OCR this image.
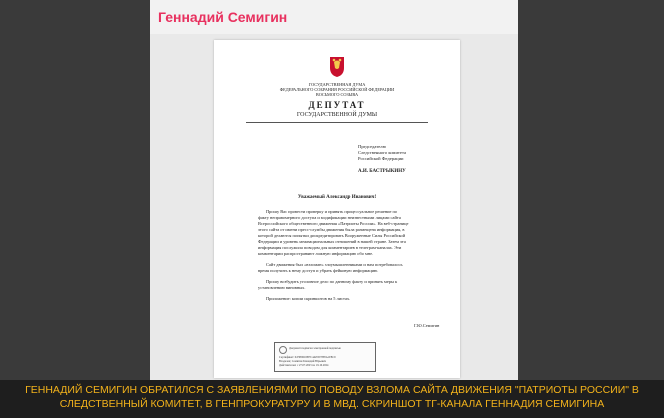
Геннадий Семигин
ГОСУДАРСТВЕННАЯ ДУМА
ФЕДЕРАЛЬНОГО СОБРАНИЯ РОССИЙСКОЙ ФЕДЕРАЦИИ
ВОСЬМОГО СОЗЫВА
ДЕПУТАТ
ГОСУДАРСТВЕННОЙ ДУМЫ
Председателю
Следственного комитета
Российской Федерации
А.И. БАСТРЫКИНУ
Уважаемый Александр Иванович!
Прошу Вас провести проверку и принять процессуальное решение по
факту неправомерного доступа и модификации неизвестными лицами сайта
Всероссийского общественного движения «Патриоты России». На веб-странице
этого сайта от имени пресс-службы движения была размещена информация, в
которой делаются попытки дискредитировать Вооруженные Силы Российской
Федерации и уровень межнациональных отношений в нашей стране. Затем эта
информация послужила поводом для комментариев в телеграм-каналах. Эти
комментарии распространяют ложную информацию обо мне.
Сайт движения был «взломан» злоумышленниками и нам потребовалось
время получить к нему доступ и убрать фейковую информацию.
Прошу возбудить уголовное дело по данному факту и принять меры к
установлению виновных.
Приложение: копии скриншотов на 5 листах.
Г.Ю.Семигин
Документ подписан электронной подписью
Сертификат: 04798DC0B7C4AE9578F0A1E8C9
Владелец: Семигин Геннадий Юрьевич
Действителен: с 27.07.2023 по 19.10.2024
ГЕННАДИЙ СЕМИГИН ОБРАТИЛСЯ С ЗАЯВЛЕНИЯМИ ПО ПОВОДУ ВЗЛОМА САЙТА ДВИЖЕНИЯ "ПАТРИОТЫ РОССИИ" В СЛЕДСТВЕННЫЙ КОМИТЕТ, В ГЕНПРОКУРАТУРУ И В МВД. СКРИНШОТ ТГ-КАНАЛА ГЕННАДИЯ СЕМИГИНА
